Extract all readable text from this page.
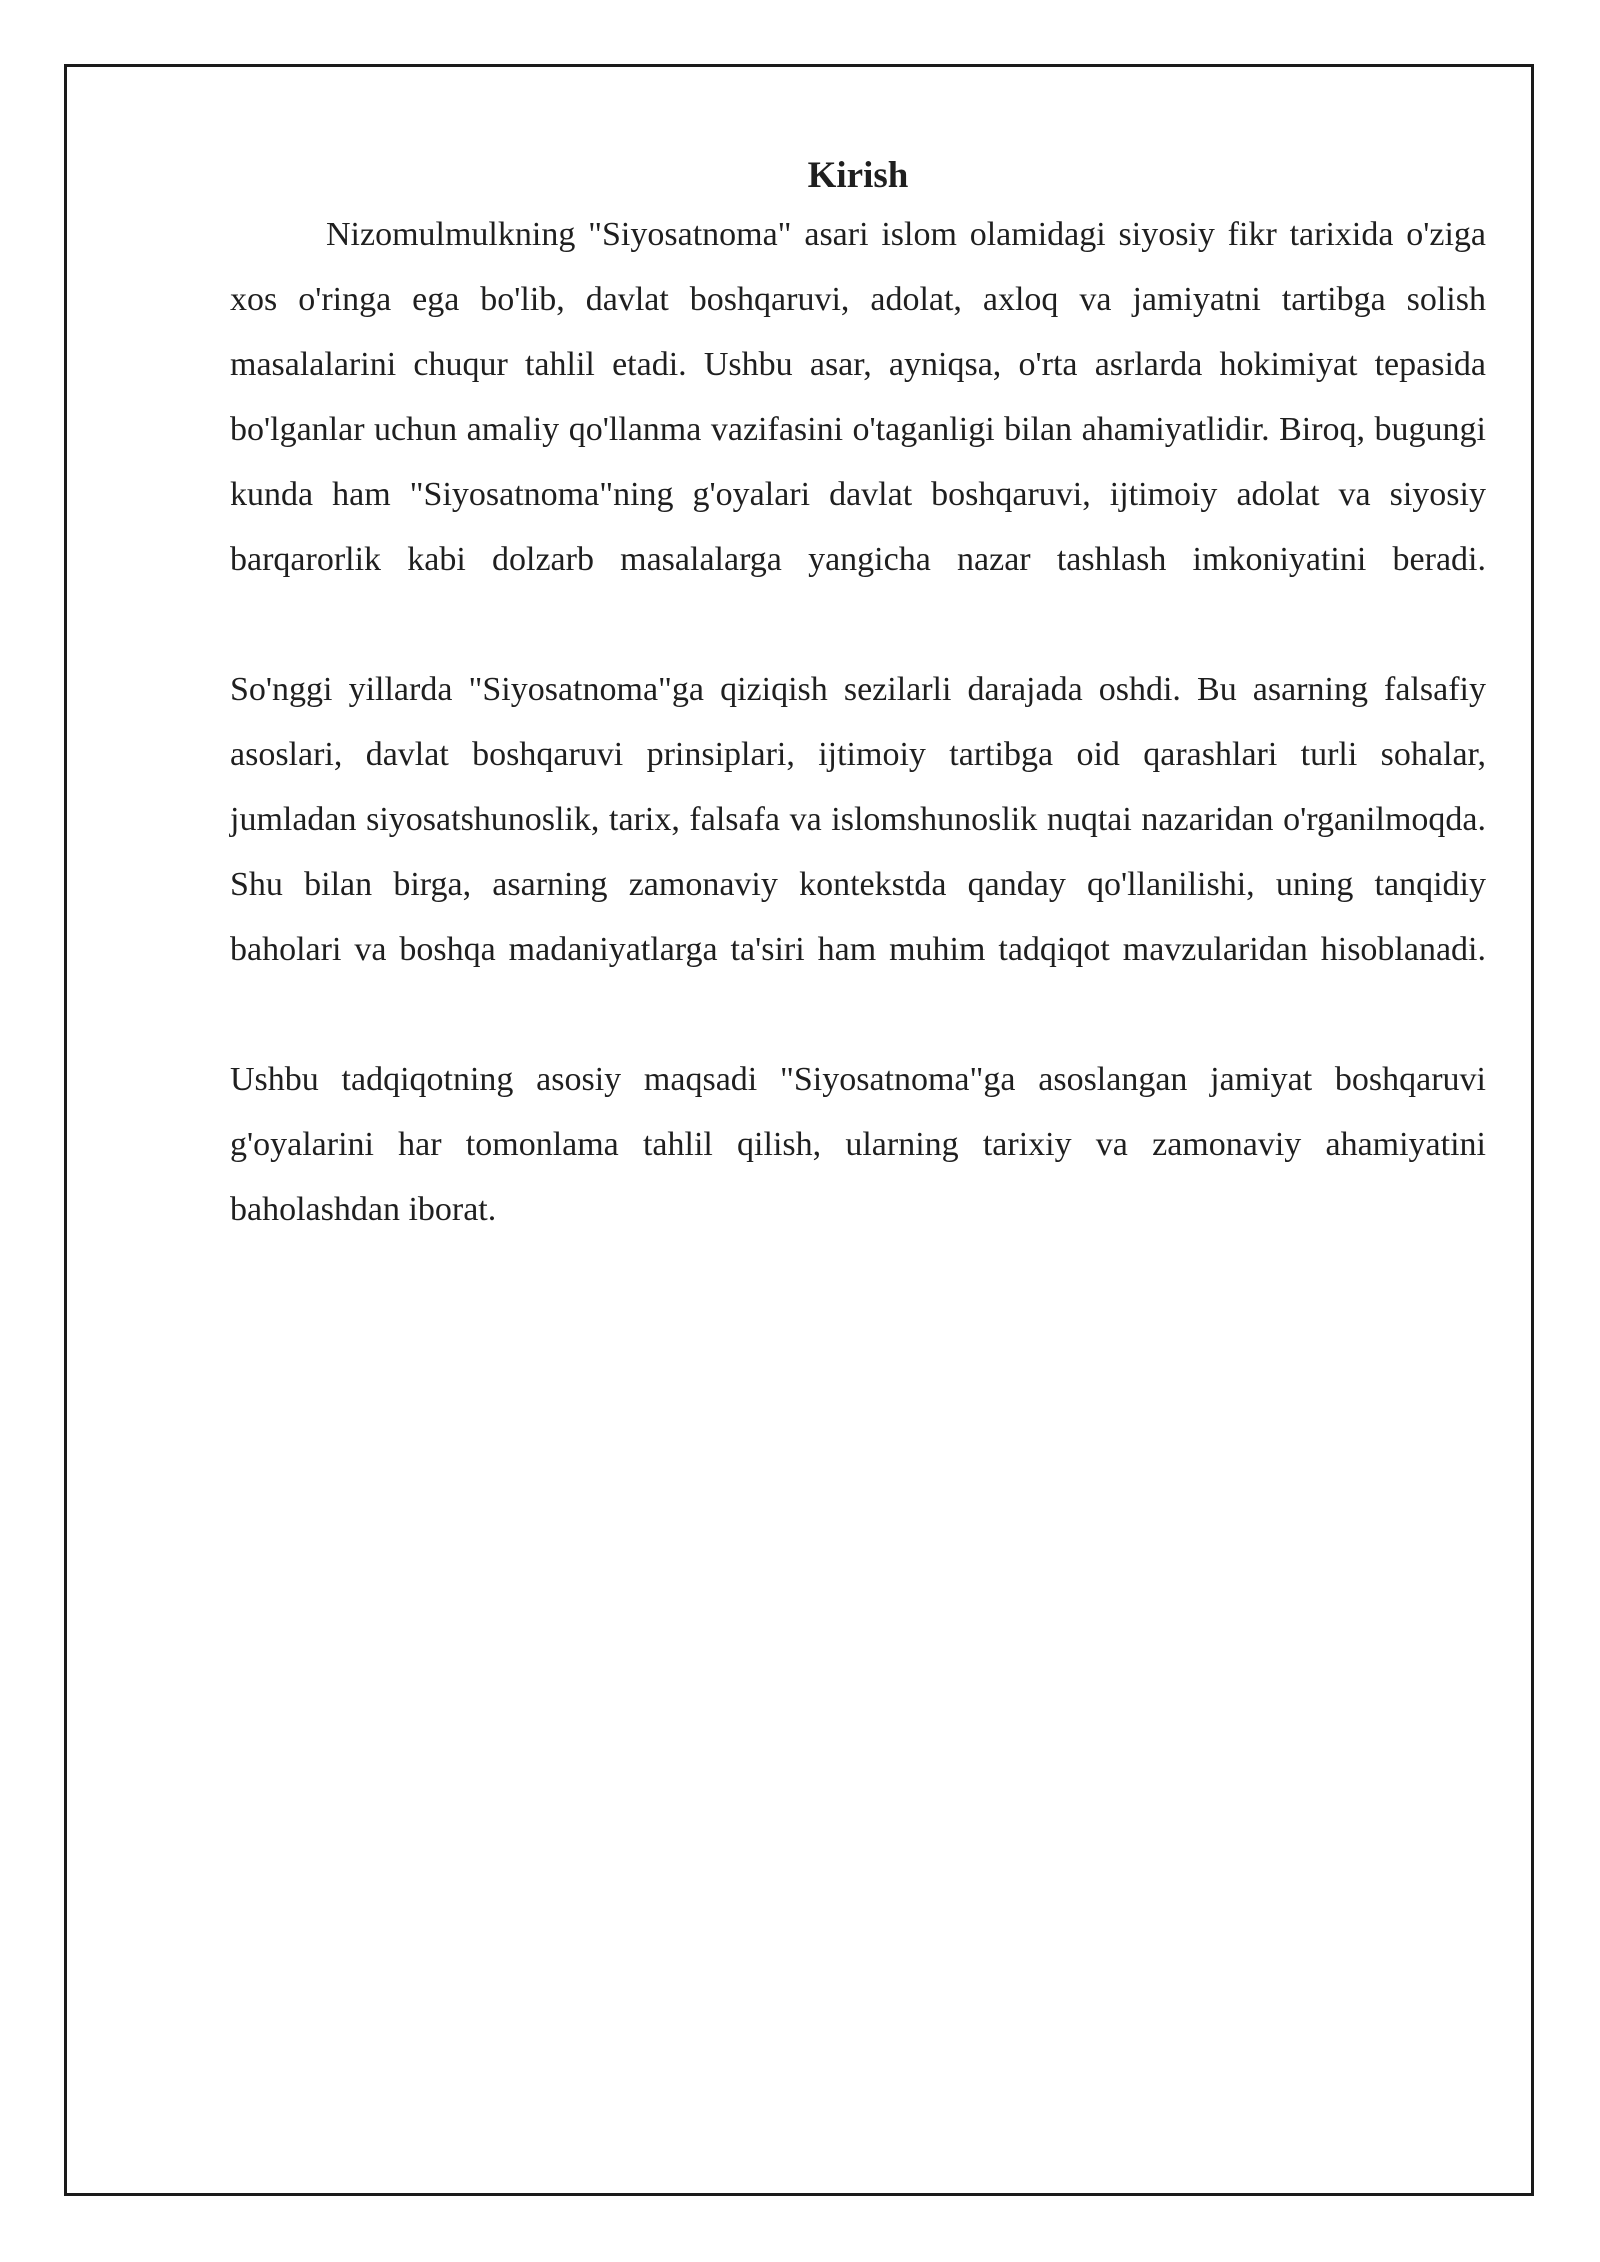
Kirish

Nizomulmulkning "Siyosatnoma" asari islom olamidagi siyosiy fikr tarixida o'ziga xos o'ringa ega bo'lib, davlat boshqaruvi, adolat, axloq va jamiyatni tartibga solish masalalarini chuqur tahlil etadi. Ushbu asar, ayniqsa, o'rta asrlarda hokimiyat tepasida bo'lganlar uchun amaliy qo'llanma vazifasini o'taganligi bilan ahamiyatlidir. Biroq, bugungi kunda ham "Siyosatnoma"ning g'oyalari davlat boshqaruvi, ijtimoiy adolat va siyosiy barqarorlik kabi dolzarb masalalarga yangicha nazar tashlash imkoniyatini beradi.

So'nggi yillarda "Siyosatnoma"ga qiziqish sezilarli darajada oshdi. Bu asarning falsafiy asoslari, davlat boshqaruvi prinsiplari, ijtimoiy tartibga oid qarashlari turli sohalar, jumladan siyosatshunoslik, tarix, falsafa va islomshunoslik nuqtai nazaridan o'rganilmoqda. Shu bilan birga, asarning zamonaviy kontekstda qanday qo'llanilishi, uning tanqidiy baholari va boshqa madaniyatlarga ta'siri ham muhim tadqiqot mavzularidan hisoblanadi.

Ushbu tadqiqotning asosiy maqsadi "Siyosatnoma"ga asoslangan jamiyat boshqaruvi g'oyalarini har tomonlama tahlil qilish, ularning tarixiy va zamonaviy ahamiyatini baholashdan iborat.
